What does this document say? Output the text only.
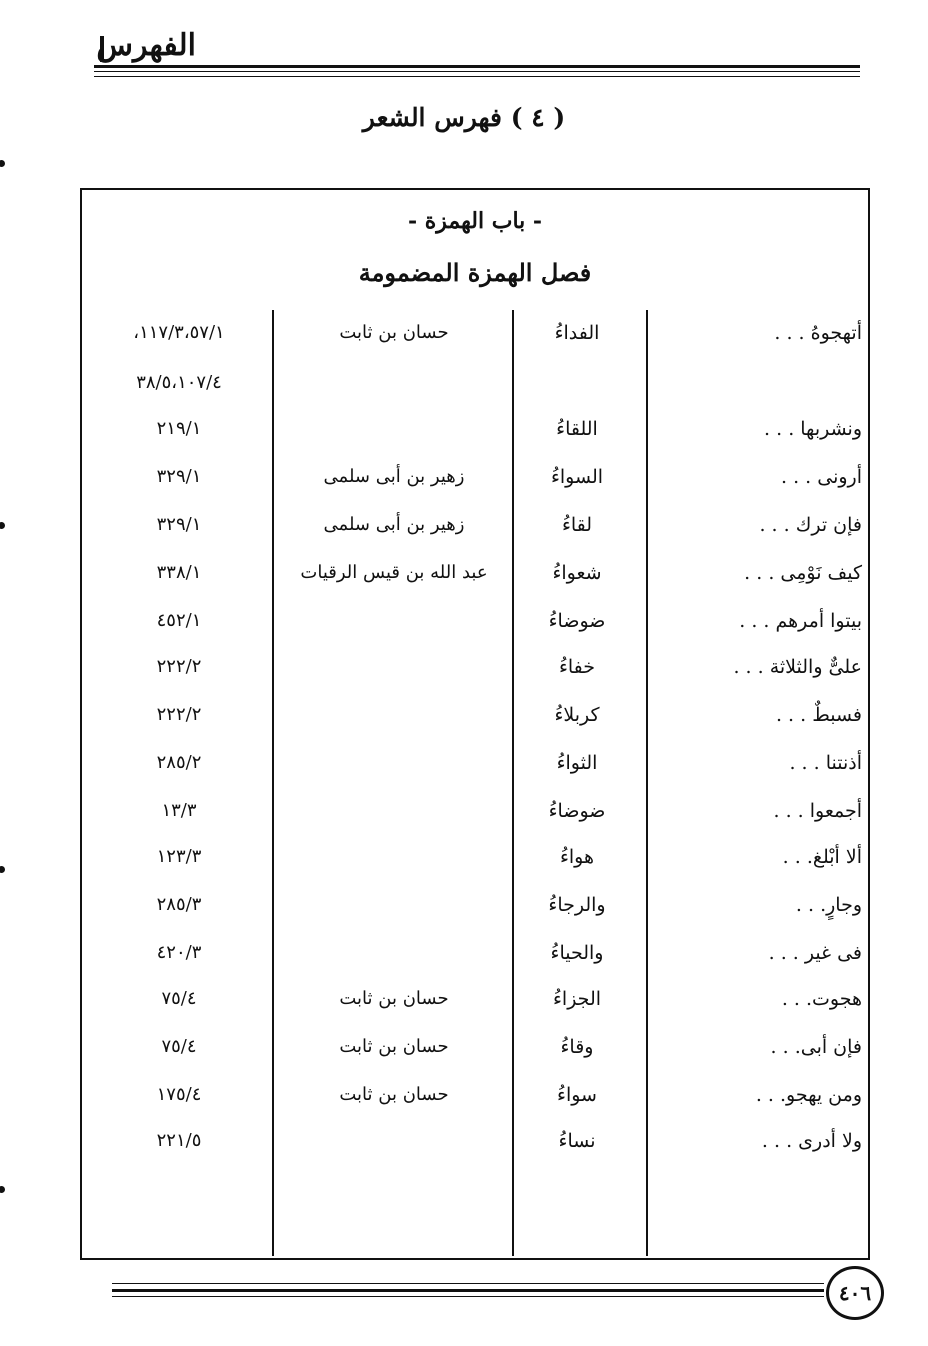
الفهرس
( ٤ ) فهرس الشعر
- باب الهمزة -
فصل الهمزة المضمومة
أتهجوهُ . . .
الفداءُ
حسان بن ثابت
١١٧/٣،٥٧/١،
٣٨/٥،١٠٧/٤
ونشربها . . .
اللقاءُ
٢١٩/١
أرونى . . .
السواءُ
زهير بن أبى سلمى
٣٢٩/١
فإن ترك . . .
لقاءُ
زهير بن أبى سلمى
٣٢٩/١
كيف نَوْمِى . . .
شعواءُ
عبد الله بن قيس الرقيات
٣٣٨/١
بيتوا أمرهم . . .
ضوضاءُ
٤٥٢/١
علىٌّ والثلاثة . . .
خفاءُ
٢٢٢/٢
فسبطٌ . . .
كربلاءُ
٢٢٢/٢
أذنتنا . . .
الثواءُ
٢٨٥/٢
أجمعوا . . .
ضوضاءُ
١٣/٣
ألا أبْلغ. . .
هواءُ
١٢٣/٣
وجارٍ. . .
والرجاءُ
٢٨٥/٣
فى غير . . .
والحياءُ
٤٢٠/٣
هجوت. . .
الجزاءُ
حسان بن ثابت
٧٥/٤
فإن أبى. . .
وقاءُ
حسان بن ثابت
٧٥/٤
ومن يهجو. . .
سواءُ
حسان بن ثابت
١٧٥/٤
ولا أدرى . . .
نساءُ
٢٢١/٥
٤٠٦
